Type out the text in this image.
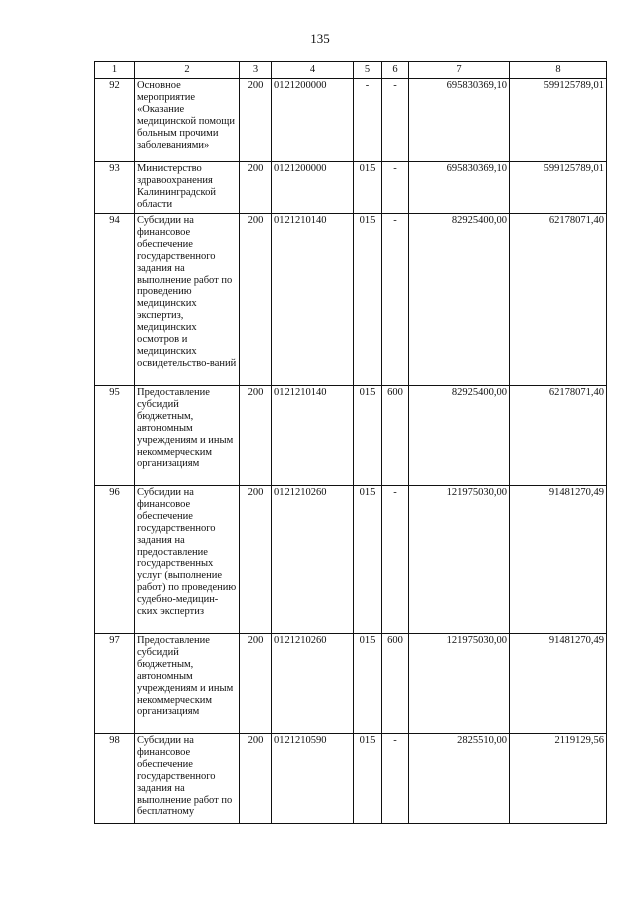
135
1	2	3	4	5	6	7	8
92	Основное мероприятие «Оказание медицинской помощи больным прочими заболеваниями»	200	0121200000	-	-	695830369,10	599125789,01
93	Министерство здравоохранения Калининградской области	200	0121200000	015	-	695830369,10	599125789,01
94	Субсидии на финансовое обеспечение государственного задания на выполнение работ по проведению медицинских экспертиз, медицинских осмотров и медицинских освидетельство-ваний	200	0121210140	015	-	82925400,00	62178071,40
95	Предоставление субсидий бюджетным, автономным учреждениям и иным некоммерческим организациям	200	0121210140	015	600	82925400,00	62178071,40
96	Субсидии на финансовое обеспечение государственного задания на предоставление государственных услуг (выполнение работ) по проведению судебно-медицин-ских экспертиз	200	0121210260	015	-	121975030,00	91481270,49
97	Предоставление субсидий бюджетным, автономным учреждениям и иным некоммерческим организациям	200	0121210260	015	600	121975030,00	91481270,49
98	Субсидии на финансовое обеспечение государственного задания на выполнение работ по бесплатному	200	0121210590	015	-	2825510,00	2119129,56
